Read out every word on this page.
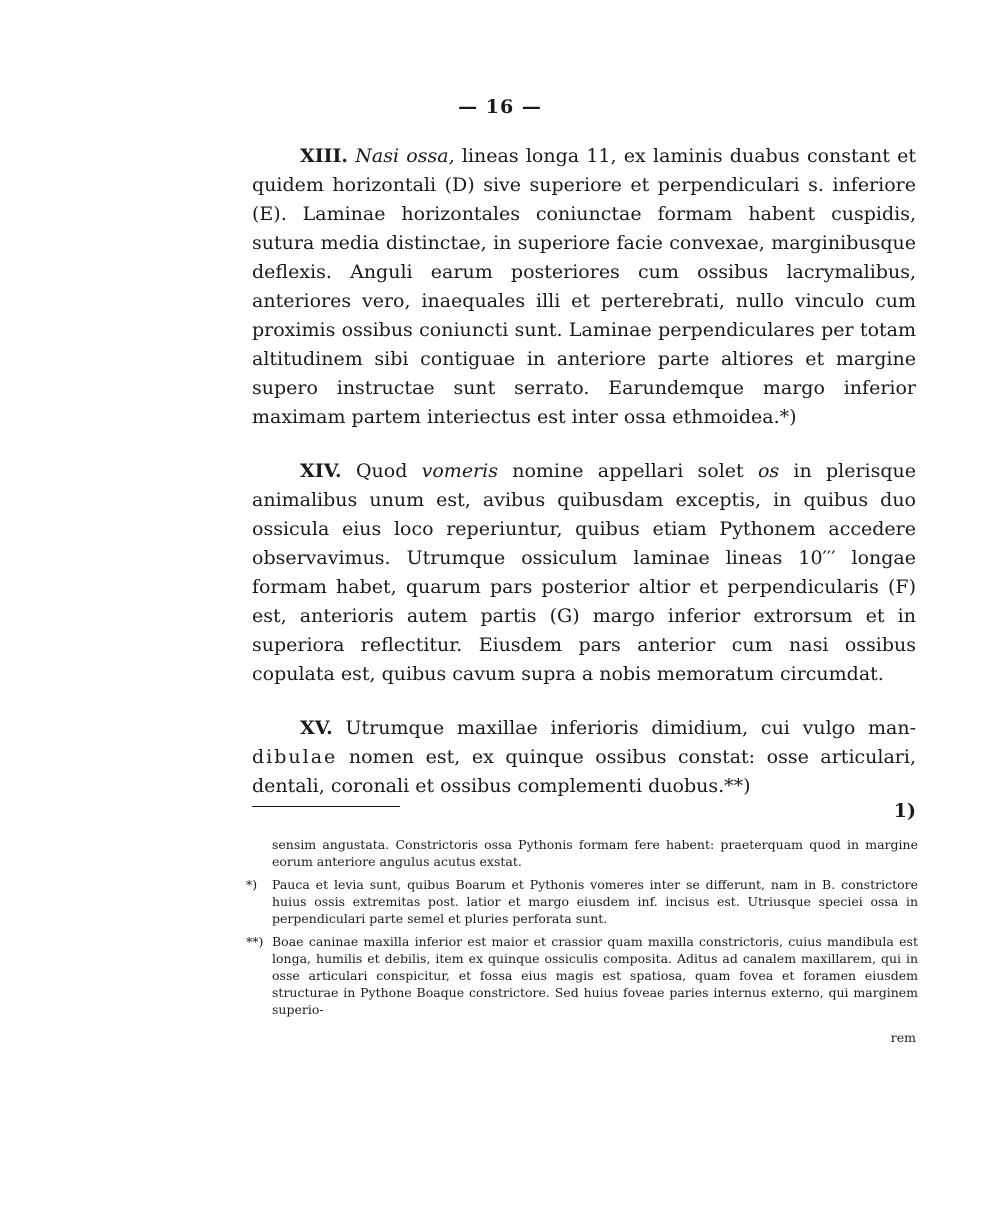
— 16 —

XIII. Nasi ossa, lineas longa 11, ex laminis duabus constant et quidem horizontali (D) sive superiore et perpendiculari s. inferiore (E). Laminae horizontales coniunctae formam habent cuspidis, sutura media distinctae, in superiore facie convexae, marginibusque deflexis. Anguli earum posteriores cum ossibus lacrymalibus, anteriores vero, inaequales illi et perterebrati, nullo vinculo cum proximis ossibus coniuncti sunt. Laminae perpendiculares per totam altitudinem sibi contiguae in anteriore parte altiores et margine supero instructae sunt serrato. Earundemque margo inferior maximam partem interiectus est inter ossa ethmoidea.*)

XIV. Quod vomeris nomine appellari solet os in plerisque animalibus unum est, avibus quibusdam exceptis, in quibus duo ossicula eius loco reperiuntur, quibus etiam Pythonem accedere observavimus. Utrumque ossiculum laminae lineas 10′′′ longae formam habet, quarum pars posterior altior et perpendicularis (F) est, anterioris autem partis (G) margo inferior extrorsum et in superiora reflectitur. Eiusdem pars anterior cum nasi ossibus copulata est, quibus cavum supra a nobis memoratum circumdat.

XV. Utrumque maxillae inferioris dimidium, cui vulgo man- dibulae nomen est, ex quinque ossibus constat: osse articulari, dentali, coronali et ossibus complementi duobus.**)

1)

sensim angustata. Constrictoris ossa Pythonis formam fere habent: praeterquam quod in margine eorum anteriore angulus acutus exstat.

*) Pauca et levia sunt, quibus Boarum et Pythonis vomeres inter se differunt, nam in B. constrictore huius ossis extremitas post. latior et margo eiusdem inf. incisus est. Utriusque speciei ossa in perpendiculari parte semel et pluries perforata sunt.

**) Boae caninae maxilla inferior est maior et crassior quam maxilla constrictoris, cuius mandibula est longa, humilis et debilis, item ex quinque ossiculis composita. Aditus ad canalem maxillarem, qui in osse articulari conspicitur, et fossa eius magis est spatiosa, quam fovea et foramen eiusdem structurae in Pythone Boaque constrictore. Sed huius foveae paries internus externo, qui marginem superio-

rem
